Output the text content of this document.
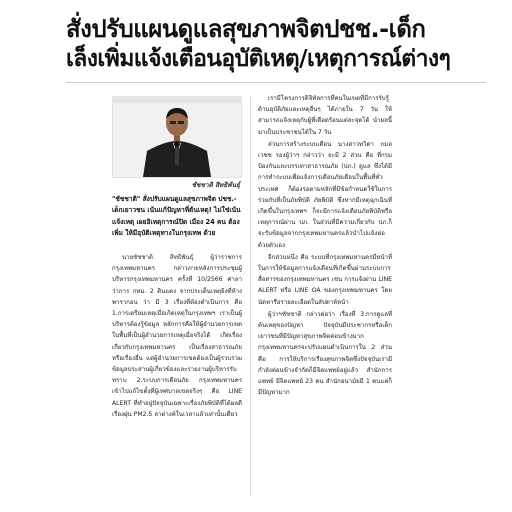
สั่งปรับแผนดูแลสุขภาพจิตปชช.-เด็ก
เล็งเพิ่มแจ้งเตือนอุบัติเหตุ/เหตุการณ์ต่างๆ
ชัชชาติ สิทธิพันธุ์
"ชัชชาติ" สั่งปรับแผนดูแลสุขภาพจิต ปชช.-เด็กเยาวชน เน้นแก้ปัญหาที่ต้นเหตุ! ไม่ใช่เน้นแจ้งเหตุ เผยอิเหตุการณ์ปิด เมือง 24 คน ต้องเพิ่ม ให้มีอุบัติเหตุทางในกรุงเทพ ด้วย

นายชัชชาติ สิทธิพันธุ์ ผู้ว่าราชการกรุงเทพมหานคร กล่าวภายหลังการประชุมผู้บริหารกรุงเทพมหานคร ครั้งที่ 10/2566 ศาลาว่าการ กทม. 2 ดินแดง จากประเด็นเหตุยิงที่ห้าง พารากอน ว่า มี 3 เรื่องที่ต้องดำเนินการ คือ 1.การเตรียมเหตุเมื่อเกิดเหตุในกรุงเทพฯ เราเป็นผู้บริหารต้องรู้ข้อมูล หลักการคือให้ผู้อำนวยการเขตในพื้นที่เป็นผู้อำนวยการเหตุเมื่อจริงได้ เกิดเรื่องเกี่ยวกับกรุงเทพมหานคร เป็นเรื่องสาธารณภัย หรือเรื่องอื่น แต่ผู้อำนวยการเขตต้องเป็นผู้รวบรวมข้อมูลประสานผู้เกี่ยวข้องและรายงานผู้บริหารรับทราบ 2.ระบบการเตือนภัย กรุงเทพมหานครเข้าไปแก้ไขตั้งที่ผู้เทศบาลเขตจริงๆ คือ LINE ALERT ที่ทำอยู่ปัจจุบันเฉพาะเรื่องภัยพิบัติที่ได้ผลดีเรื่องฝุ่น PM2.5 ลาต่างค์ในเวลาแล้วเท่านั้นเดี่ยว

เรามีโครงการดิจิทัลการที่คนในเขตที่มีการรับรู้ด้านอุบัติภัยและเหตุอื่นๆ ได้ภายใน 7 วัน ให้สามารถแจ้งเหตุกับผู้ที่เดือดร้อนแต่ละจุดได้ นำผลนี้มาเป็นประชาชนได้ใน 7 วัน

ส่วนการสร้างระบบเตือน นางสาวทวิดา กมลเวชช รองผู้ว่าฯ กล่าวว่า จะมี 2 ส่วน คือ ที่กรมป้องกันและบรรเทาสาธารณภัย (ปภ.) ดูแล ซึ่งได้มีการทำระบบเพื่อแจ้งการเตือนภัยเตือนในพื้นที่ทั่วประเทศ ก็ต้องรอตามหลักที่มีข้อกำหนดใช้ในการร่วมกับที่เป็นภัยพิบัติ ภัยพิบัติ ซึ่งหากมีเหตุฉุกเฉินที่เกิดขึ้นในกรุงเทพฯ ก็จะมีการแจ้งเตือนภัยพิบัติหรือเหตุการณ์ผ่าน ปภ. ในส่วนที่มีความเกี่ยวกับ ปภ.ก็จะรับข้อมูลจากกรุงเทพมหานครแล้วนำไปแจ้งต่อด้วยตัวเอง

อีกส่วนหนึ่ง คือ ระบบที่กรุงเทพมหานครมีหน้าที่ในการให้ข้อมูลการแจ้งเตือนที่เกิดขึ้นผ่านระบบการสื่อสารของกรุงเทพมหานคร เช่น การแจ้งผ่าน LINE ALERT หรือ LINE OA ของกรุงเทพมหานคร โดยนัดหารือรายละเอียดในสัปดาห์หน้า

ผู้ว่าฯชัชชาติ กล่าวต่อว่า เรื่องที่ 3.การดูแลที่ต้นเหตุของปัญหา ปัจจุบันมีประชากรหรือเด็กเยาวชนที่มีปัญหาสุขภาพจิตค่อนข้างมาก กรุงเทพมหานครจะปรับแผนดำเนินการใน 2 ส่วน คือ การให้บริการเรื่องสุขภาพจิตซึ่งปัจจุบันเรามีกำลังค่อนข้างจำกัดก็มีจิตแพทย์อยู่แล้ว สำนักการแพทย์ มีจิตแพทย์ 23 คน สำนักอนามัยมี 1 คนแต่ก็มีปัญหามาก
